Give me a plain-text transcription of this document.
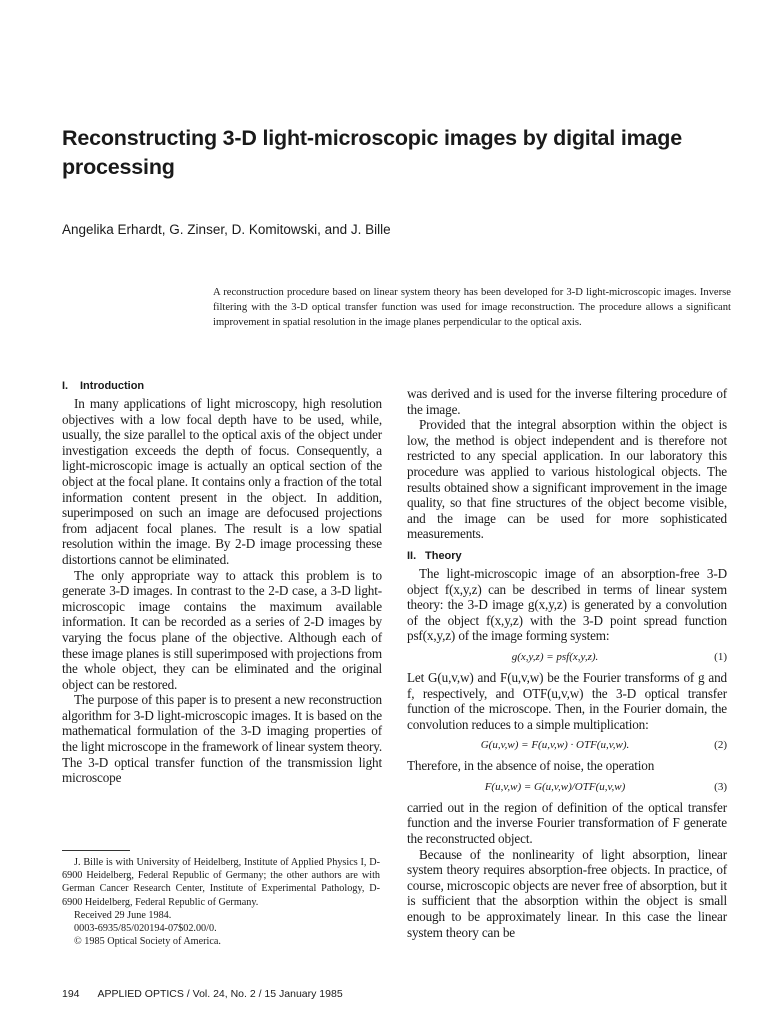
Reconstructing 3-D light-microscopic images by digital image processing

Angelika Erhardt, G. Zinser, D. Komitowski, and J. Bille

A reconstruction procedure based on linear system theory has been developed for 3-D light-microscopic images. Inverse filtering with the 3-D optical transfer function was used for image reconstruction. The procedure allows a significant improvement in spatial resolution in the image planes perpendicular to the optical axis.

I. Introduction

In many applications of light microscopy, high resolution objectives with a low focal depth have to be used, while, usually, the size parallel to the optical axis of the object under investigation exceeds the depth of focus. Consequently, a light-microscopic image is actually an optical section of the object at the focal plane. It contains only a fraction of the total information content present in the object. In addition, superimposed on such an image are defocused projections from adjacent focal planes. The result is a low spatial resolution within the image. By 2-D image processing these distortions cannot be eliminated.

The only appropriate way to attack this problem is to generate 3-D images. In contrast to the 2-D case, a 3-D light-microscopic image contains the maximum available information. It can be recorded as a series of 2-D images by varying the focus plane of the objective. Although each of these image planes is still superimposed with projections from the whole object, they can be eliminated and the original object can be restored.

The purpose of this paper is to present a new reconstruction algorithm for 3-D light-microscopic images. It is based on the mathematical formulation of the 3-D imaging properties of the light microscope in the framework of linear system theory. The 3-D optical transfer function of the transmission light microscope

was derived and is used for the inverse filtering procedure of the image.

Provided that the integral absorption within the object is low, the method is object independent and is therefore not restricted to any special application. In our laboratory this procedure was applied to various histological objects. The results obtained show a significant improvement in the image quality, so that fine structures of the object become visible, and the image can be used for more sophisticated measurements.

II. Theory

The light-microscopic image of an absorption-free 3-D object f(x,y,z) can be described in terms of linear system theory: the 3-D image g(x,y,z) is generated by a convolution of the object f(x,y,z) with the 3-D point spread function psf(x,y,z) of the image forming system:

g(x,y,z) = psf(x,y,z).	(1)

Let G(u,v,w) and F(u,v,w) be the Fourier transforms of g and f, respectively, and OTF(u,v,w) the 3-D optical transfer function of the microscope. Then, in the Fourier domain, the convolution reduces to a simple multiplication:

G(u,v,w) = F(u,v,w) · OTF(u,v,w).	(2)

Therefore, in the absence of noise, the operation

F(u,v,w) = G(u,v,w)/OTF(u,v,w)	(3)

carried out in the region of definition of the optical transfer function and the inverse Fourier transformation of F generate the reconstructed object.

Because of the nonlinearity of light absorption, linear system theory requires absorption-free objects. In practice, of course, microscopic objects are never free of absorption, but it is sufficient that the absorption within the object is small enough to be approximately linear. In this case the linear system theory can be

J. Bille is with University of Heidelberg, Institute of Applied Physics I, D-6900 Heidelberg, Federal Republic of Germany; the other authors are with German Cancer Research Center, Institute of Experimental Pathology, D-6900 Heidelberg, Federal Republic of Germany.

Received 29 June 1984.

0003-6935/85/020194-07$02.00/0.

© 1985 Optical Society of America.

194 APPLIED OPTICS / Vol. 24, No. 2 / 15 January 1985
